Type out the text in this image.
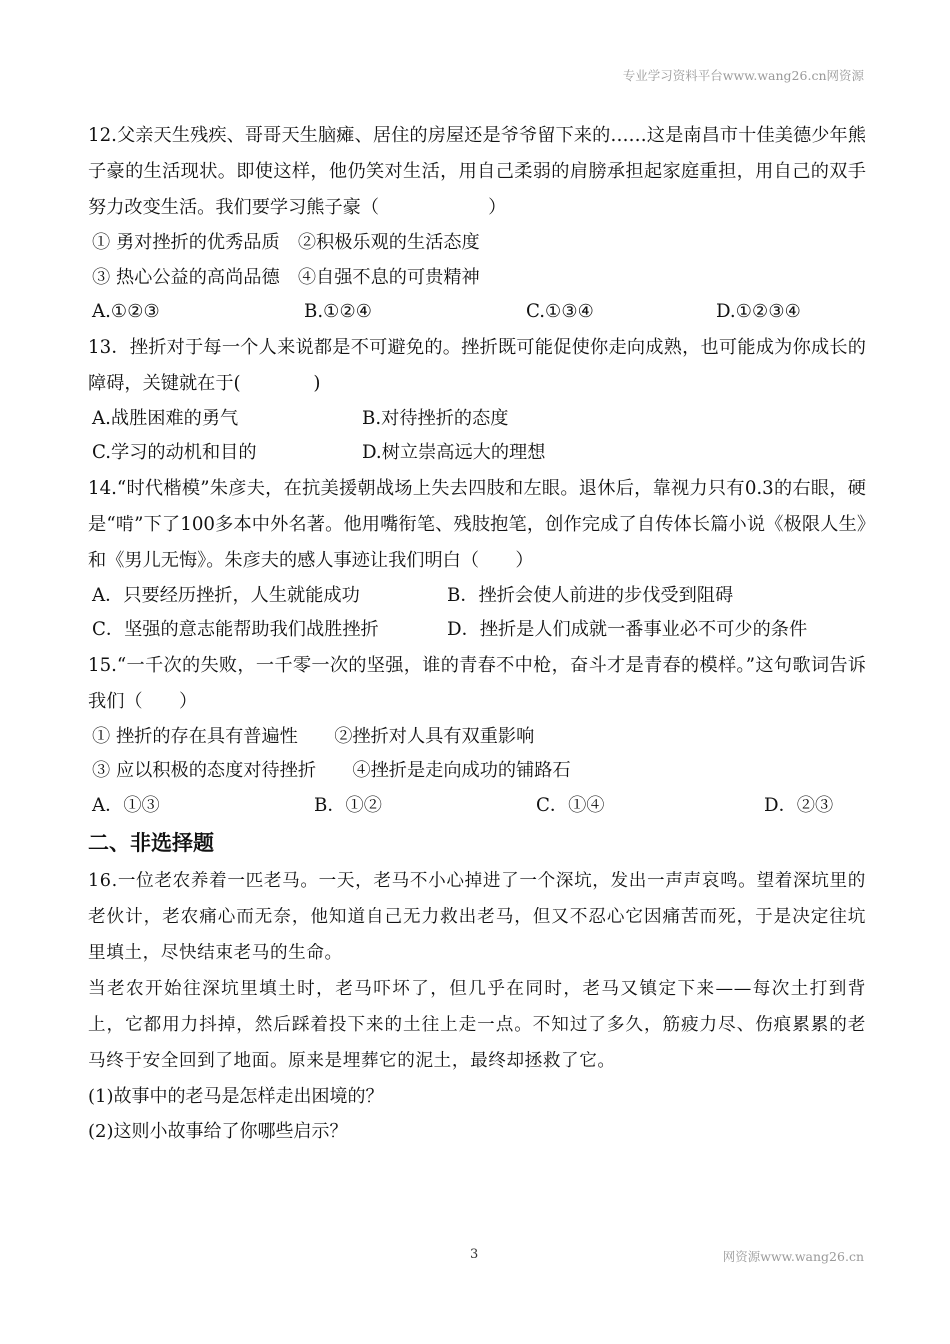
专业学习资料平台www.wang26.cn网资源
12.父亲天生残疾、哥哥天生脑瘫、居住的房屋还是爷爷留下来的……这是南昌市十佳美德少年熊子豪的生活现状。即使这样，他仍笑对生活，用自己柔弱的肩膀承担起家庭重担，用自己的双手努力改变生活。我们要学习熊子豪（　　　　　　）
① 勇对挫折的优秀品质　②积极乐观的生活态度
③ 热心公益的高尚品德　④自强不息的可贵精神
A.①②③	B.①②④	C.①③④	D.①②③④
13．挫折对于每一个人来说都是不可避免的。挫折既可能促使你走向成熟，也可能成为你成长的障碍，关键就在于(　　　　)
A.战胜困难的勇气	B.对待挫折的态度
C.学习的动机和目的	D.树立崇高远大的理想
14.“时代楷模”朱彦夫，在抗美援朝战场上失去四肢和左眼。退休后，靠视力只有0.3的右眼，硬是“啃”下了100多本中外名著。他用嘴衔笔、残肢抱笔，创作完成了自传体长篇小说《极限人生》和《男儿无悔》。朱彦夫的感人事迹让我们明白（　　）
A．只要经历挫折，人生就能成功	B．挫折会使人前进的步伐受到阻碍
C．坚强的意志能帮助我们战胜挫折	D．挫折是人们成就一番事业必不可少的条件
15.“一千次的失败，一千零一次的坚强，谁的青春不中枪，奋斗才是青春的模样。”这句歌词告诉我们（　　）
① 挫折的存在具有普遍性　　②挫折对人具有双重影响
③ 应以积极的态度对待挫折　　④挫折是走向成功的铺路石
A．①③	B．①②	C．①④	D．②③
二、非选择题
16.一位老农养着一匹老马。一天，老马不小心掉进了一个深坑，发出一声声哀鸣。望着深坑里的老伙计，老农痛心而无奈，他知道自己无力救出老马，但又不忍心它因痛苦而死，于是决定往坑里填土，尽快结束老马的生命。
当老农开始往深坑里填土时，老马吓坏了，但几乎在同时，老马又镇定下来——每次土打到背上，它都用力抖掉，然后踩着投下来的土往上走一点。不知过了多久，筋疲力尽、伤痕累累的老马终于安全回到了地面。原来是埋葬它的泥土，最终却拯救了它。
(1)故事中的老马是怎样走出困境的？
(2)这则小故事给了你哪些启示？
3	网资源www.wang26.cn
